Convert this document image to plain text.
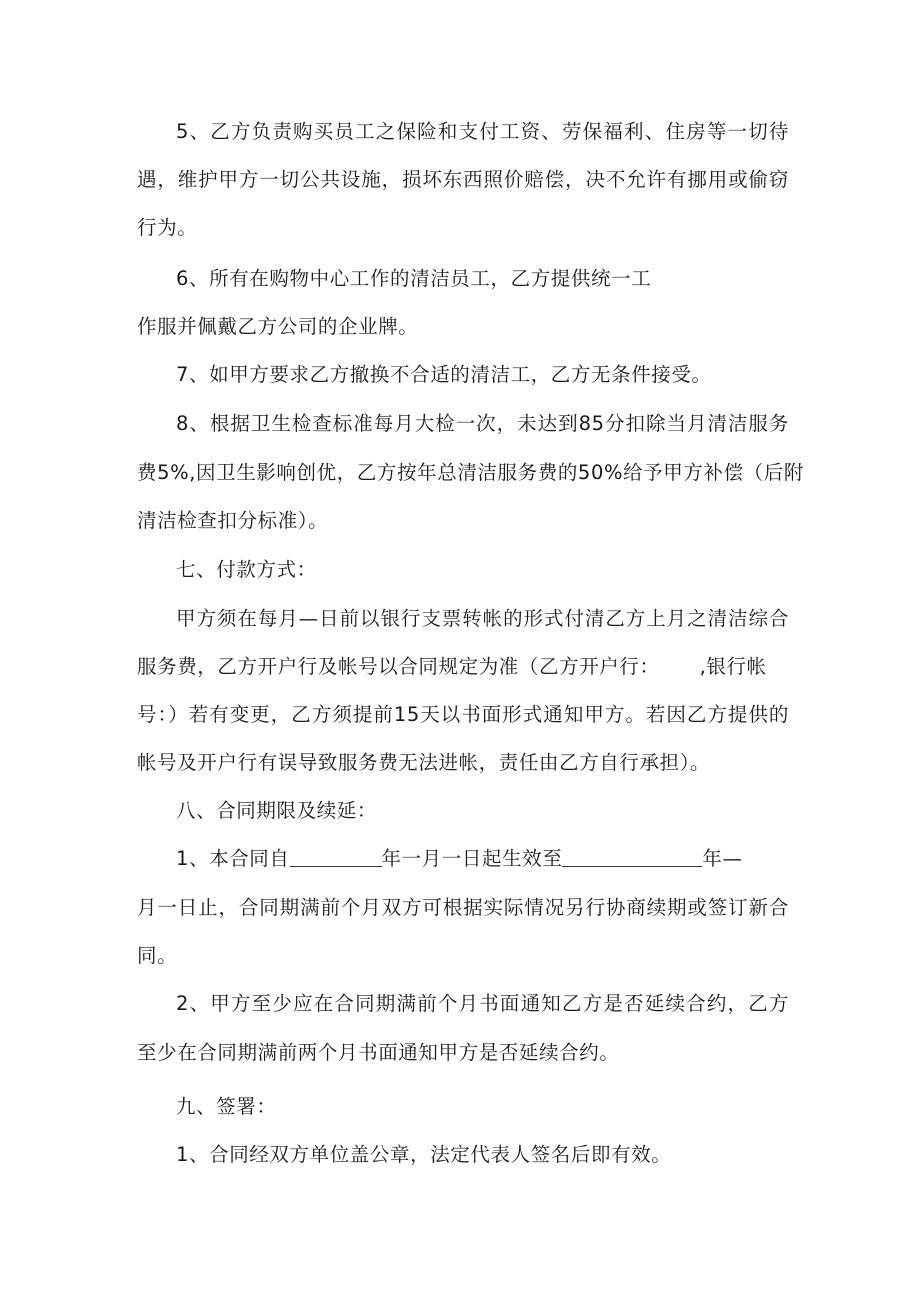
5、乙方负责购买员工之保险和支付工资、劳保福利、住房等一切待

遇，维护甲方一切公共设施，损坏东西照价赔偿，决不允许有挪用或偷窃

行为。

6、所有在购物中心工作的清洁员工，乙方提供统一工

作服并佩戴乙方公司的企业牌。

7、如甲方要求乙方撤换不合适的清洁工，乙方无条件接受。

8、根据卫生检查标准每月大检一次，未达到85分扣除当月清洁服务

费5%,因卫生影响创优，乙方按年总清洁服务费的50%给予甲方补偿（后附

清洁检查扣分标准）。

七、付款方式：

甲方须在每月—日前以银行支票转帐的形式付清乙方上月之清洁综合

服务费，乙方开户行及帐号以合同规定为准（乙方开户行： ,银行帐

号：）若有变更，乙方须提前15天以书面形式通知甲方。若因乙方提供的

帐号及开户行有误导致服务费无法进帐，责任由乙方自行承担）。

八、合同期限及续延：

1、本合同自	年一月一日起生效至	年—

月一日止，合同期满前个月双方可根据实际情况另行协商续期或签订新合

同。

2、甲方至少应在合同期满前个月书面通知乙方是否延续合约，乙方

至少在合同期满前两个月书面通知甲方是否延续合约。

九、签署：

1、合同经双方单位盖公章，法定代表人签名后即有效。
